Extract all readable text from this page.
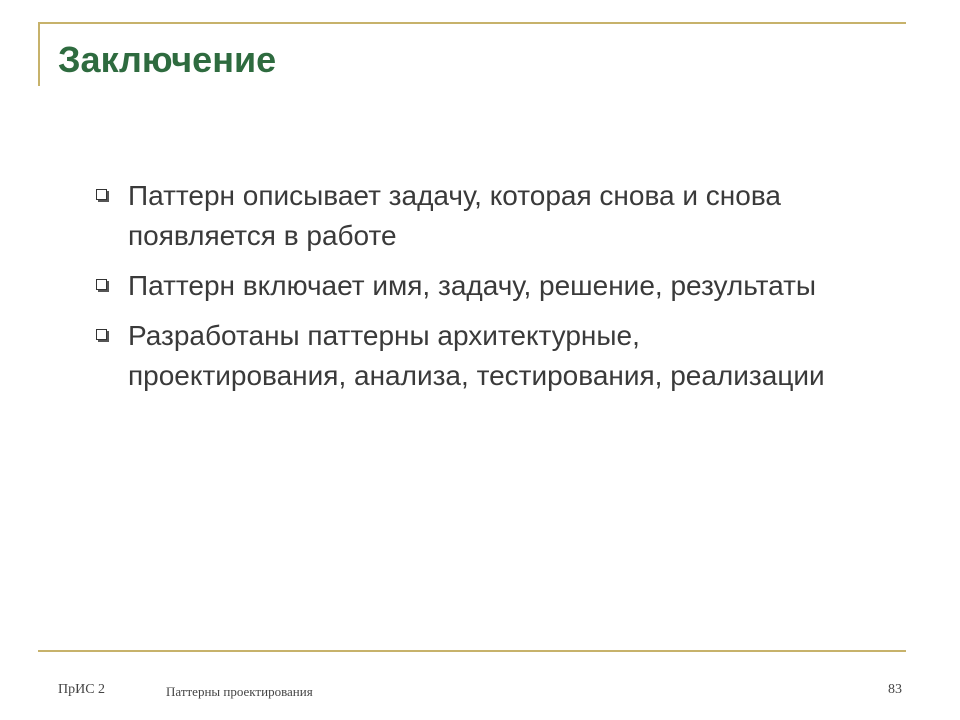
Заключение
Паттерн описывает задачу, которая снова и снова появляется в работе
Паттерн включает имя, задачу, решение, результаты
Разработаны паттерны архитектурные, проектирования, анализа, тестирования, реализации
ПрИС 2	Паттерны проектирования	83
